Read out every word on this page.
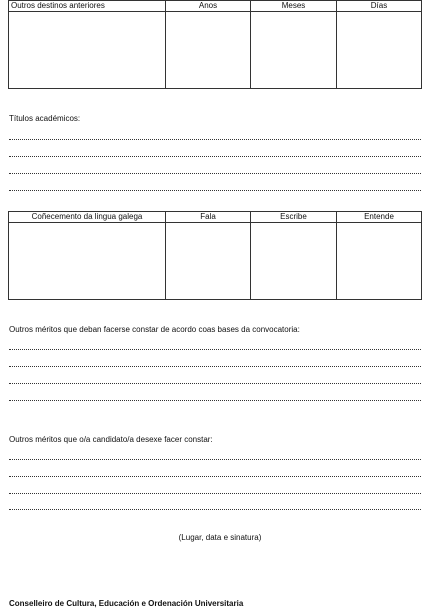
Outros destinos anteriores	Anos	Meses	Días

Títulos académicos:
Coñecemento da lingua galega	Fala	Escribe	Entende

Outros méritos que deban facerse constar de acordo coas bases da convocatoria:
Outros méritos que o/a candidato/a desexe facer constar:
(Lugar, data e sinatura)
Conselleiro de Cultura, Educación e Ordenación Universitaria
